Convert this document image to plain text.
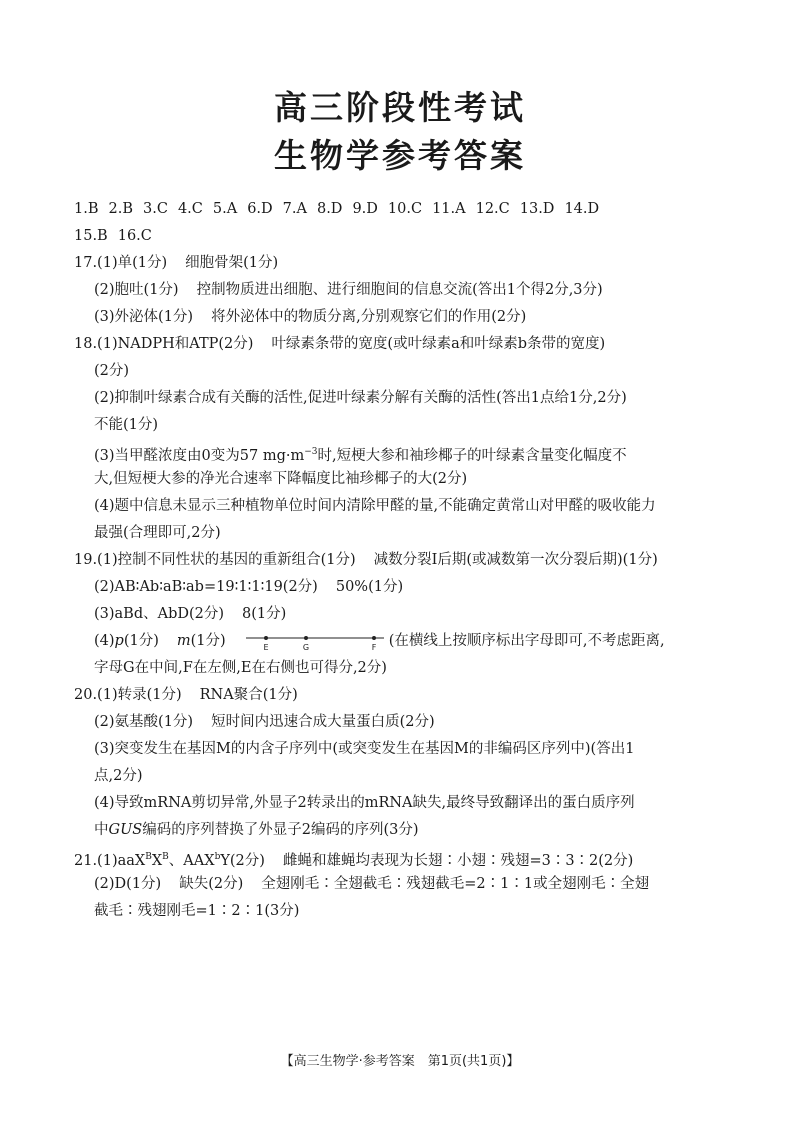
高三阶段性考试
生物学参考答案
1.B 2.B 3.C 4.C 5.A 6.D 7.A 8.D 9.D 10.C 11.A 12.C 13.D 14.D
15.B 16.C
17.(1)单(1分) 细胞骨架(1分)
(2)胞吐(1分) 控制物质进出细胞、进行细胞间的信息交流(答出1个得2分,3分)
(3)外泌体(1分) 将外泌体中的物质分离,分别观察它们的作用(2分)
18.(1)NADPH和ATP(2分) 叶绿素条带的宽度(或叶绿素a和叶绿素b条带的宽度)
(2分)
(2)抑制叶绿素合成有关酶的活性,促进叶绿素分解有关酶的活性(答出1点给1分,2分)
不能(1分)
(3)当甲醛浓度由0变为57 $mg\cdot m^{-3}$时,短梗大参和袖珍椰子的叶绿素含量变化幅度不
大,但短梗大参的净光合速率下降幅度比袖珍椰子的大(2分)
(4)题中信息未显示三种植物单位时间内清除甲醛的量,不能确定黄常山对甲醛的吸收能力
最强(合理即可,2分)
19.(1)控制不同性状的基因的重新组合(1分) 减数分裂I后期(或减数第一次分裂后期)(1分)
(2)AB∶Ab∶aB∶ab=19∶1∶1∶19(2分) 50%(1分)
(3)aBd、AbD(2分) 8(1分)
(4)p(1分) m(1分)	E	G	F (在横线上按顺序标出字母即可,不考虑距离,
字母G在中间,F在左侧,E在右侧也可得分,2分)
20.(1)转录(1分) RNA聚合(1分)
(2)氨基酸(1分) 短时间内迅速合成大量蛋白质(2分)
(3)突变发生在基因M的内含子序列中(或突变发生在基因M的非编码区序列中)(答出1
点,2分)
(4)导致mRNA剪切异常,外显子2转录出的mRNA缺失,最终导致翻译出的蛋白质序列
中GUS编码的序列替换了外显子2编码的序列(3分)
$21.(1)aaX^BX^B$、AAX$^b$Y(2分) 雌蝇和雄蝇均表现为长翅∶小翅∶残翅=3∶3∶2(2分)
(2)D(1分) 缺失(2分) 全翅刚毛∶全翅截毛∶残翅截毛=2∶1∶1或全翅刚毛∶全翅
截毛∶残翅刚毛=1∶2∶1(3分)
【高三生物学·参考答案　第1页(共1页)】
